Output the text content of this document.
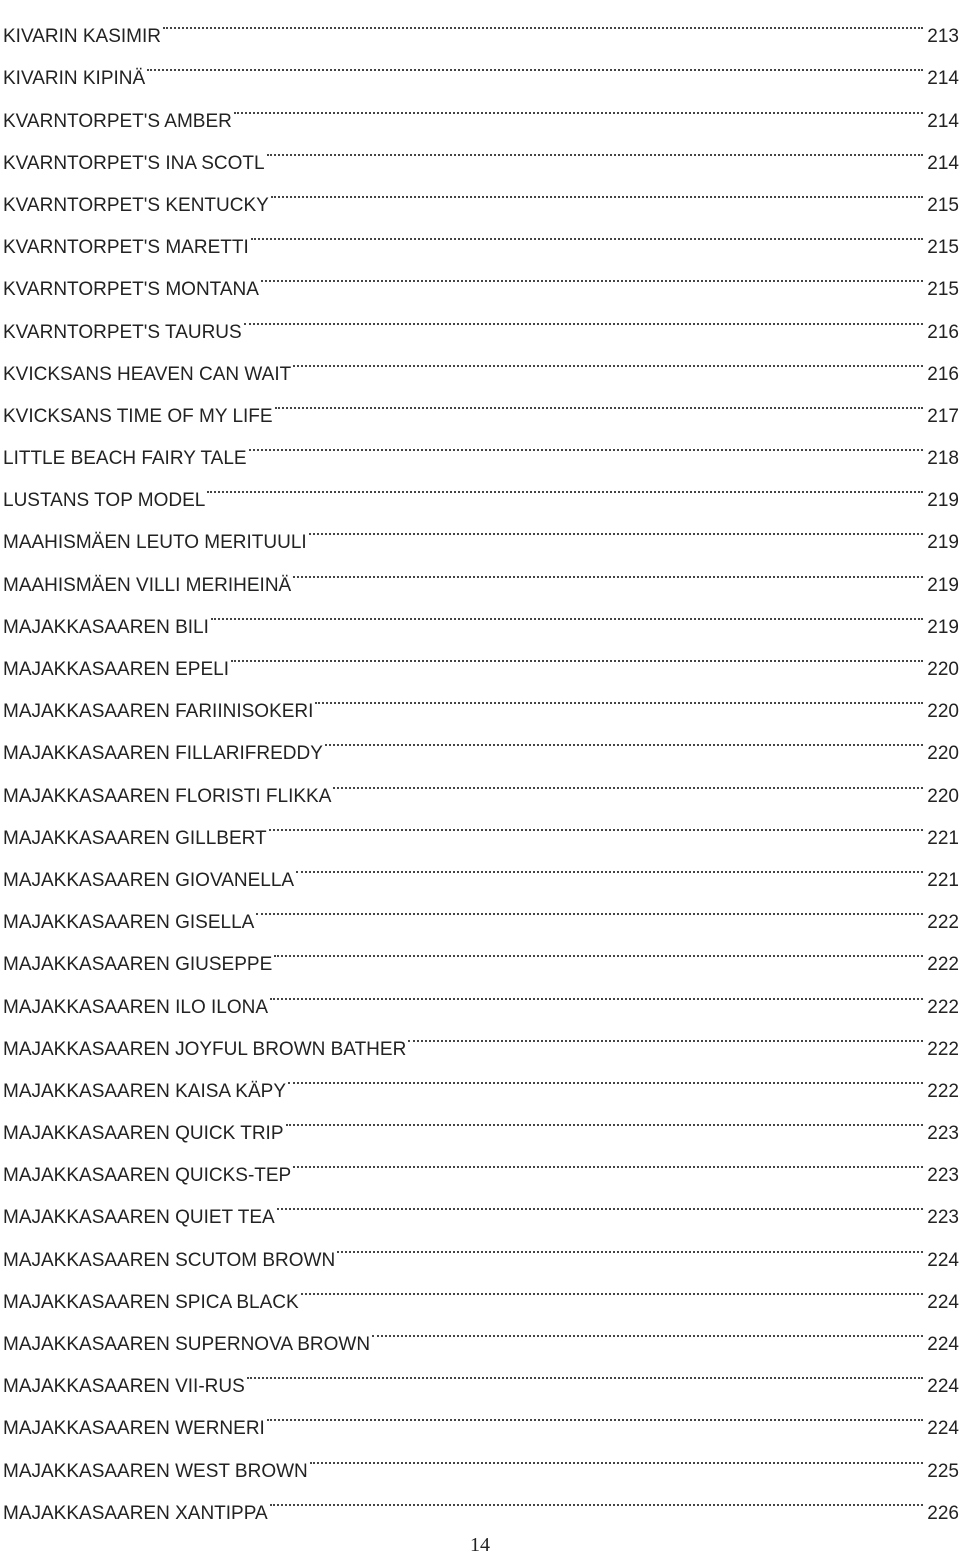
KIVARIN KASIMIR	213
KIVARIN KIPINÄ	214
KVARNTORPET'S AMBER	214
KVARNTORPET'S INA SCOTL	214
KVARNTORPET'S KENTUCKY	215
KVARNTORPET'S MARETTI	215
KVARNTORPET'S MONTANA	215
KVARNTORPET'S TAURUS	216
KVICKSANS HEAVEN CAN WAIT	216
KVICKSANS TIME OF MY LIFE	217
LITTLE BEACH FAIRY TALE	218
LUSTANS TOP MODEL	219
MAAHISMÄEN LEUTO MERITUULI	219
MAAHISMÄEN VILLI MERIHEINÄ	219
MAJAKKASAAREN BILI	219
MAJAKKASAAREN EPELI	220
MAJAKKASAAREN FARIINISOKERI	220
MAJAKKASAAREN FILLARIFREDDY	220
MAJAKKASAAREN FLORISTI FLIKKA	220
MAJAKKASAAREN GILLBERT	221
MAJAKKASAAREN GIOVANELLA	221
MAJAKKASAAREN GISELLA	222
MAJAKKASAAREN GIUSEPPE	222
MAJAKKASAAREN ILO ILONA	222
MAJAKKASAAREN JOYFUL BROWN BATHER	222
MAJAKKASAAREN KAISA KÄPY	222
MAJAKKASAAREN QUICK TRIP	223
MAJAKKASAAREN QUICKS-TEP	223
MAJAKKASAAREN QUIET TEA	223
MAJAKKASAAREN SCUTOM BROWN	224
MAJAKKASAAREN SPICA BLACK	224
MAJAKKASAAREN SUPERNOVA BROWN	224
MAJAKKASAAREN VII-RUS	224
MAJAKKASAAREN WERNERI	224
MAJAKKASAAREN WEST BROWN	225
MAJAKKASAAREN XANTIPPA	226
14
